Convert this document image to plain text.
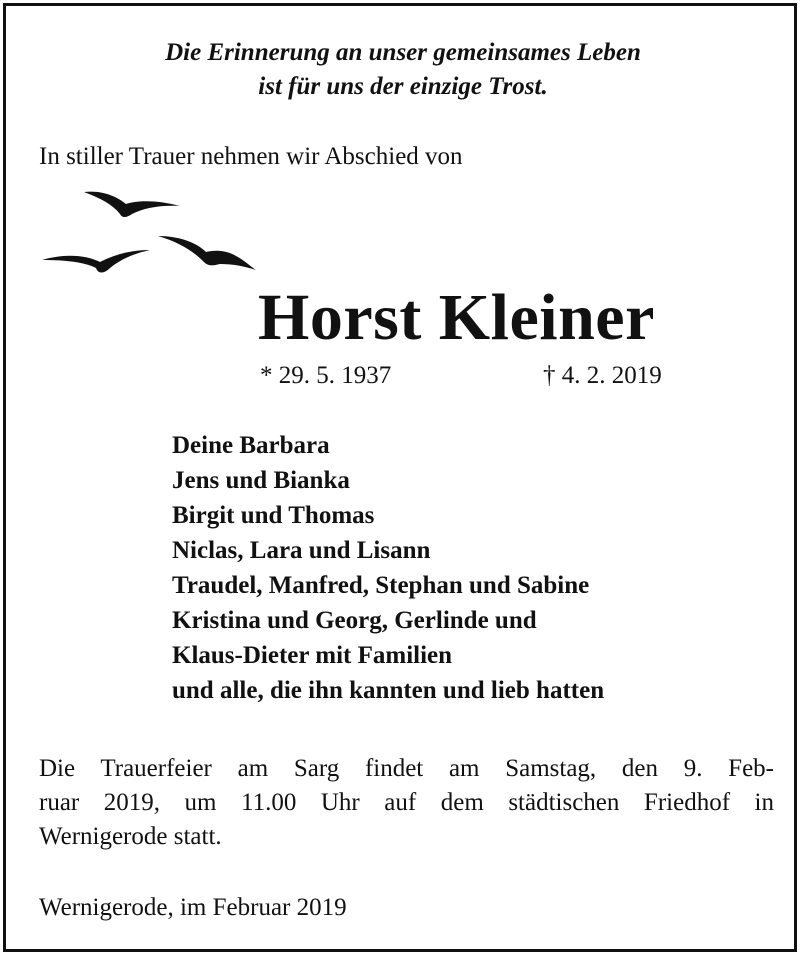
Die Erinnerung an unser gemeinsames Leben
ist für uns der einzige Trost.
In stiller Trauer nehmen wir Abschied von
Horst Kleiner
* 29. 5. 1937	† 4. 2. 2019
Deine Barbara
Jens und Bianka
Birgit und Thomas
Niclas, Lara und Lisann
Traudel, Manfred, Stephan und Sabine
Kristina und Georg, Gerlinde und
Klaus-Dieter mit Familien
und alle, die ihn kannten und lieb hatten
Die Trauerfeier am Sarg findet am Samstag, den 9. Feb-
ruar 2019, um 11.00 Uhr auf dem städtischen Friedhof in
Wernigerode statt.
Wernigerode, im Februar 2019
